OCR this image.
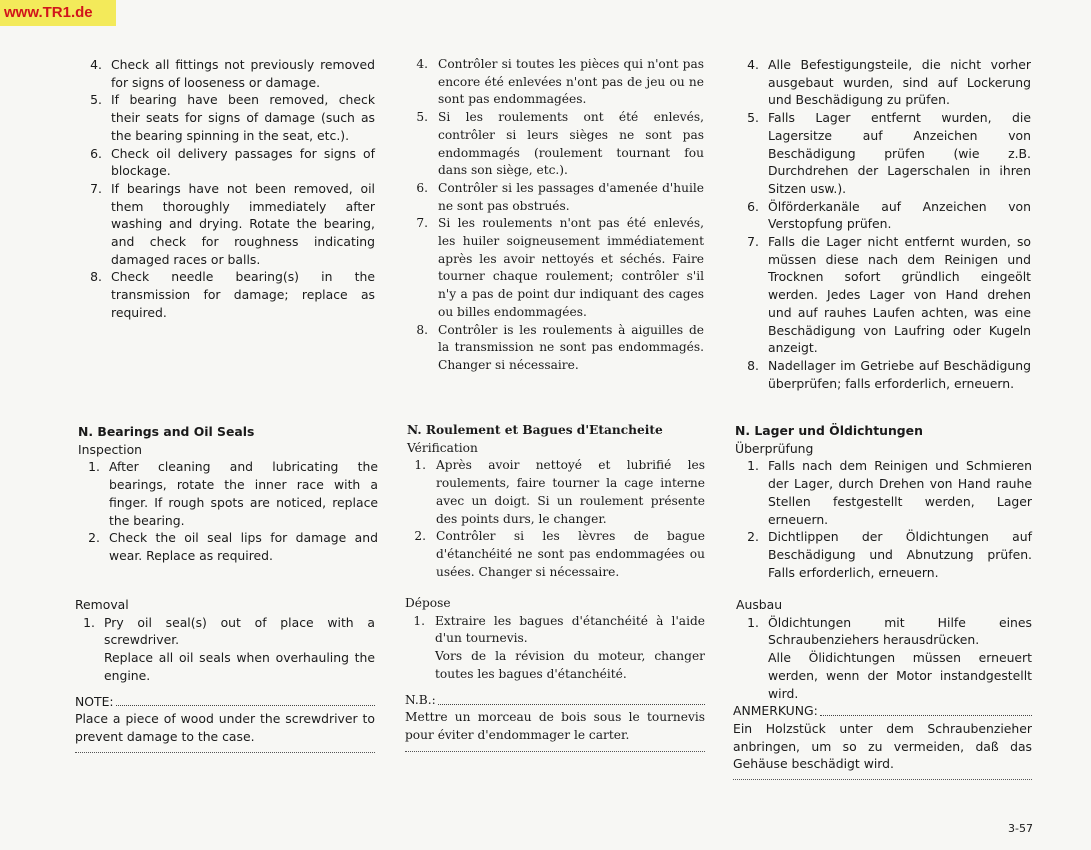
www.TR1.de
4. Check all fittings not previously removed for signs of looseness or damage.
5. If bearing have been removed, check their seats for signs of damage (such as the bearing spinning in the seat, etc.).
6. Check oil delivery passages for signs of blockage.
7. If bearings have not been removed, oil them thoroughly immediately after washing and drying. Rotate the bearing, and check for roughness indicating damaged races or balls.
8. Check needle bearing(s) in the transmission for damage; replace as required.
N. Bearings and Oil Seals
Inspection
1. After cleaning and lubricating the bearings, rotate the inner race with a finger. If rough spots are noticed, replace the bearing.
2. Check the oil seal lips for damage and wear. Replace as required.
Removal
1. Pry oil seal(s) out of place with a screwdriver.
Replace all oil seals when overhauling the engine.
NOTE:
Place a piece of wood under the screwdriver to prevent damage to the case.
4. Contrôler si toutes les pièces qui n'ont pas encore été enlevées n'ont pas de jeu ou ne sont pas endommagées.
5. Si les roulements ont été enlevés, contrôler si leurs sièges ne sont pas endommagés (roulement tournant fou dans son siège, etc.).
6. Contrôler si les passages d'amenée d'huile ne sont pas obstrués.
7. Si les roulements n'ont pas été enlevés, les huiler soigneusement immédiatement après les avoir nettoyés et séchés. Faire tourner chaque roulement; contrôler s'il n'y a pas de point dur indiquant des cages ou billes endommagées.
8. Contrôler is les roulements à aiguilles de la transmission ne sont pas endommagés. Changer si nécessaire.
N. Roulement et Bagues d'Etancheite
Vérification
1. Après avoir nettoyé et lubrifié les roulements, faire tourner la cage interne avec un doigt. Si un roulement présente des points durs, le changer.
2. Contrôler si les lèvres de bague d'étanchéité ne sont pas endommagées ou usées. Changer si nécessaire.
Dépose
1. Extraire les bagues d'étanchéité à l'aide d'un tournevis.
Vors de la révision du moteur, changer toutes les bagues d'étanchéité.
N.B.:
Mettre un morceau de bois sous le tournevis pour éviter d'endommager le carter.
4. Alle Befestigungsteile, die nicht vorher ausgebaut wurden, sind auf Lockerung und Beschädigung zu prüfen.
5. Falls Lager entfernt wurden, die Lagersitze auf Anzeichen von Beschädigung prüfen (wie z.B. Durchdrehen der Lagerschalen in ihren Sitzen usw.).
6. Ölförderkanäle auf Anzeichen von Verstopfung prüfen.
7. Falls die Lager nicht entfernt wurden, so müssen diese nach dem Reinigen und Trocknen sofort gründlich eingeölt werden. Jedes Lager von Hand drehen und auf rauhes Laufen achten, was eine Beschädigung von Laufring oder Kugeln anzeigt.
8. Nadellager im Getriebe auf Beschädigung überprüfen; falls erforderlich, erneuern.
N. Lager und Öldichtungen
Überprüfung
1. Falls nach dem Reinigen und Schmieren der Lager, durch Drehen von Hand rauhe Stellen festgestellt werden, Lager erneuern.
2. Dichtlippen der Öldichtungen auf Beschädigung und Abnutzung prüfen. Falls erforderlich, erneuern.
Ausbau
1. Öldichtungen mit Hilfe eines Schraubenziehers herausdrücken.
Alle Ölidichtungen müssen erneuert werden, wenn der Motor instandgestellt wird.
ANMERKUNG:
Ein Holzstück unter dem Schraubenzieher anbringen, um so zu vermeiden, daß das Gehäuse beschädigt wird.
3-57
